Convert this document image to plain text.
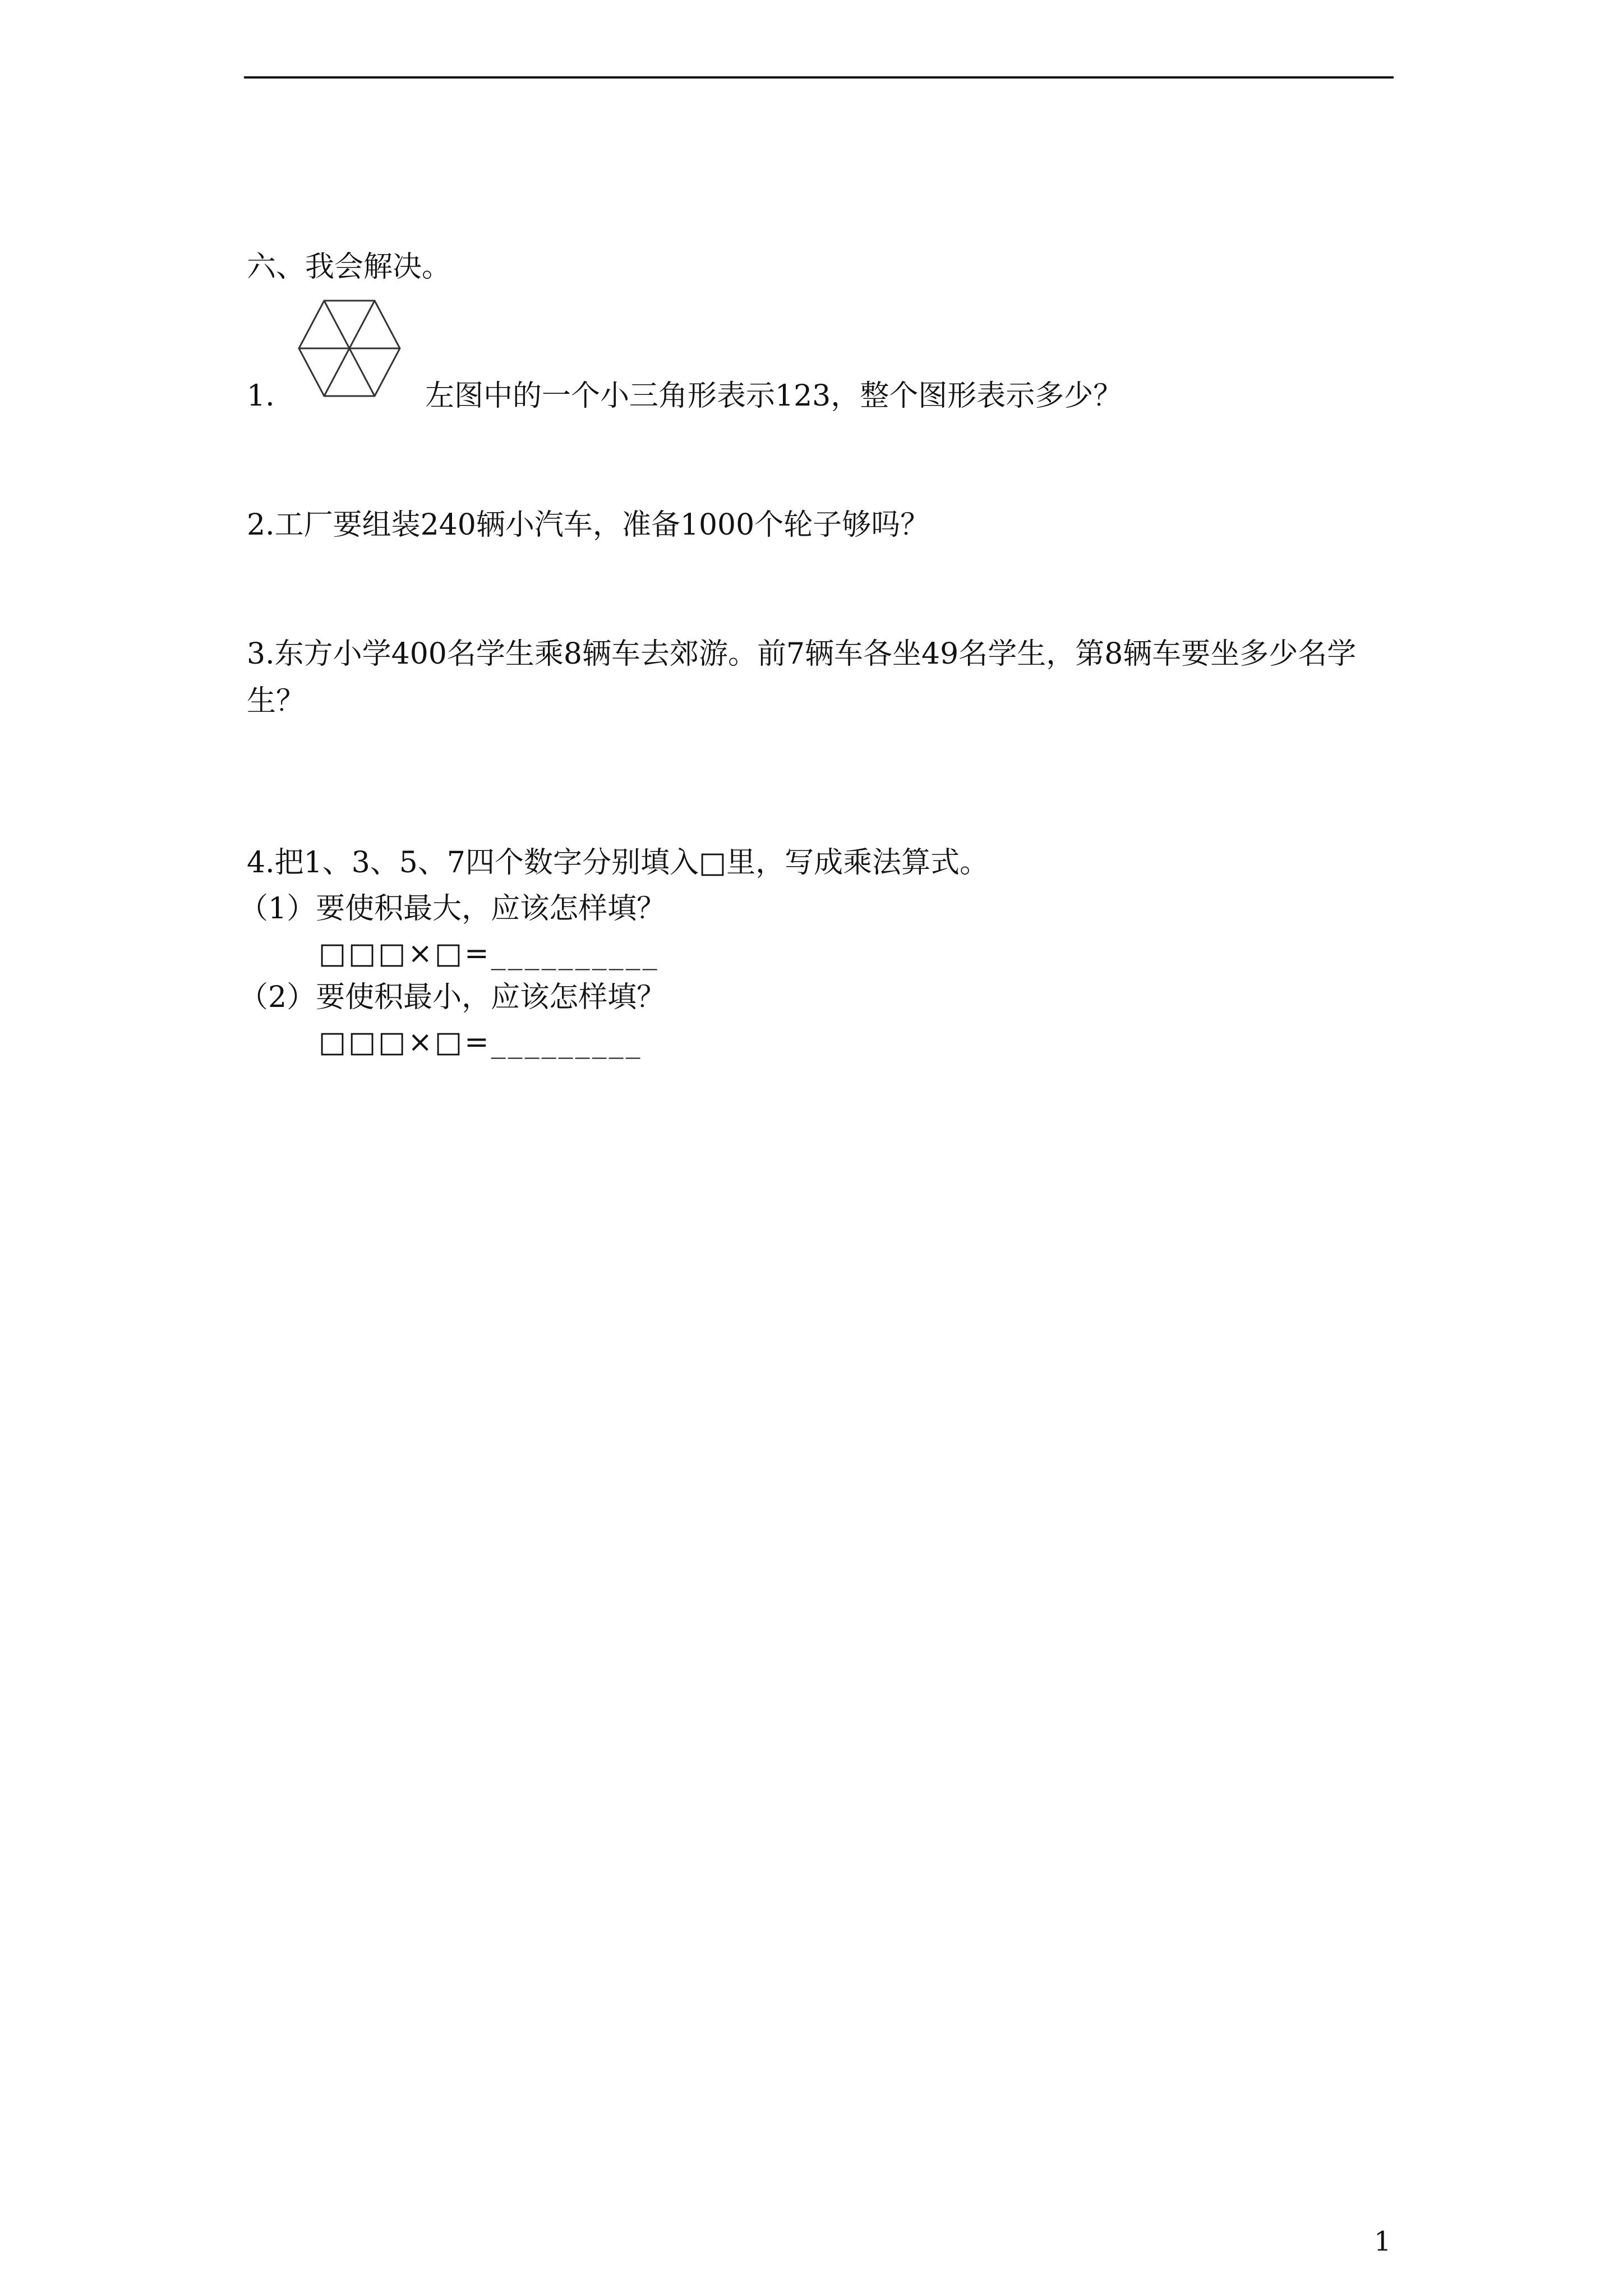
六、我会解决。
1.	左图中的一个小三角形表示123，整个图形表示多少？
2.工厂要组装240辆小汽车，准备1000个轮子够吗？
3.东方小学400名学生乘8辆车去郊游。前7辆车各坐49名学生，第8辆车要坐多少名学生？
4.把1、3、5、7四个数字分别填入□里，写成乘法算式。
（1）要使积最大，应该怎样填？
□□□×□=__________
（2）要使积最小，应该怎样填？
□□□×□=_________
1
